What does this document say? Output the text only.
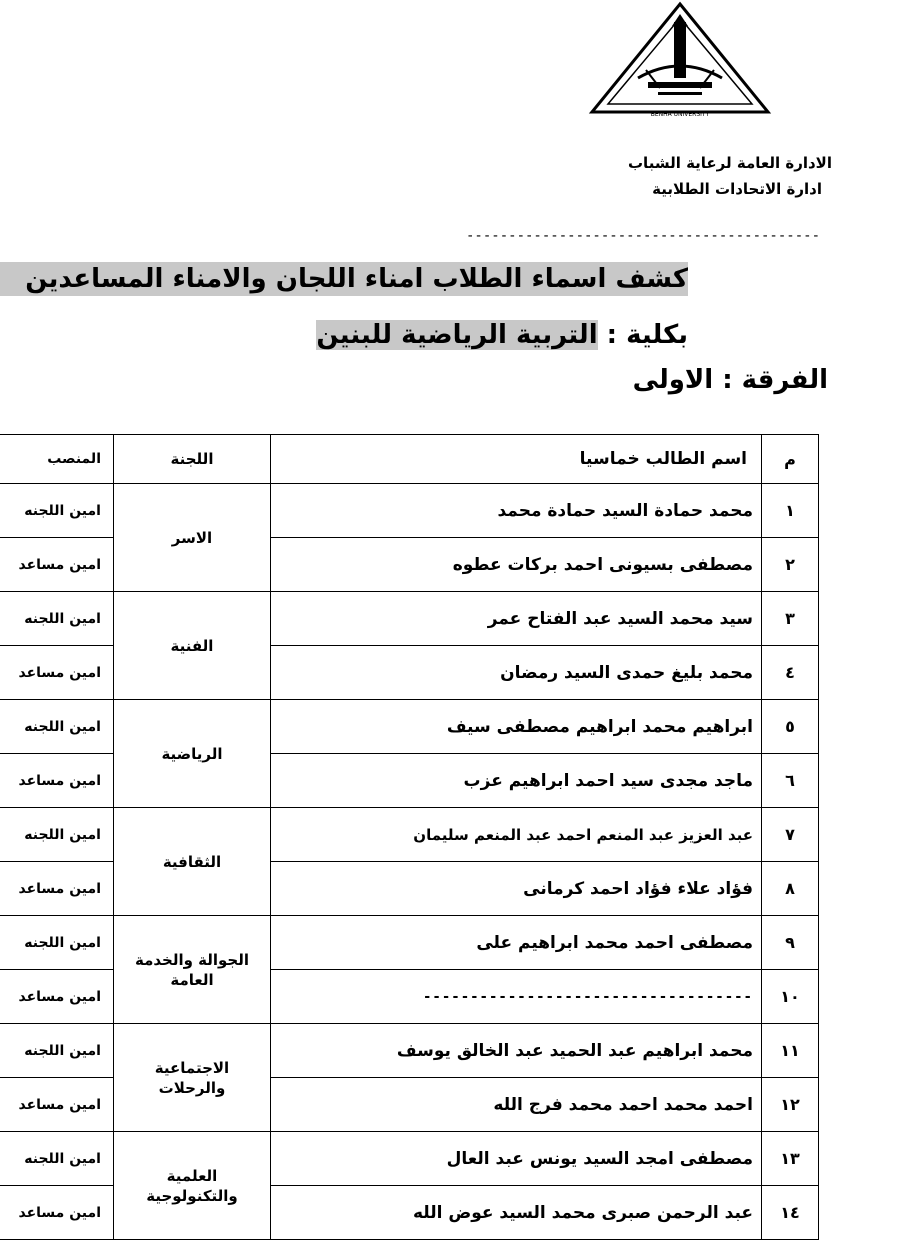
BENHA UNIVERSITY
الادارة العامة لرعاية الشباب
ادارة الاتحادات الطلابية
------------------------------------------
كشف اسماء الطلاب امناء اللجان والامناء المساعدين
بكلية : التربية الرياضية للبنين
الفرقة : الاولى
م	اسم الطالب خماسيا	اللجنة	المنصب
١	محمد حمادة السيد حمادة محمد	الاسر	امين اللجنه
٢	مصطفى بسيونى احمد بركات عطوه		امين مساعد
٣	سيد محمد السيد عبد الفتاح عمر	الفنية	امين اللجنه
٤	محمد بليغ حمدى السيد رمضان		امين مساعد
٥	ابراهيم محمد ابراهيم مصطفى سيف	الرياضية	امين اللجنه
٦	ماجد مجدى سيد احمد ابراهيم عزب		امين مساعد
٧	عبد العزيز عبد المنعم احمد عبد المنعم سليمان	الثقافية	امين اللجنه
٨	فؤاد علاء فؤاد احمد كرمانى		امين مساعد
٩	مصطفى احمد محمد ابراهيم على	الجوالة والخدمة العامة	امين اللجنه
١٠	-----------------------------------		امين مساعد
١١	محمد ابراهيم عبد الحميد عبد الخالق يوسف	الاجتماعية والرحلات	امين اللجنه
١٢	احمد محمد احمد محمد فرج الله		امين مساعد
١٣	مصطفى امجد السيد يونس عبد العال	العلمية والتكنولوجية	امين اللجنه
١٤	عبد الرحمن صبرى محمد السيد عوض الله		امين مساعد
